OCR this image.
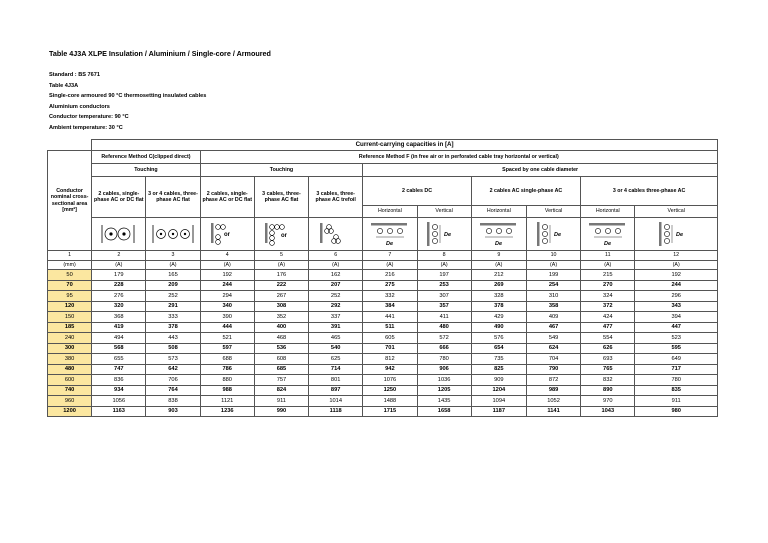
Table 4J3A XLPE Insulation / Aluminium / Single-core / Armoured
Standard : BS 7671
Table 4J3A
Single-core armoured 90 °C thermosetting insulated cables
Aluminium conductors
Conductor temperature: 90 °C
Ambient temperature: 30 °C
	Current-carrying capacities in [A]										
Conductor nominal cross-sectional area [mm²]	Reference Method C(clipped direct)		Reference Method F (in free air or in perforated cable tray horizontal or vertical)								
	Touching		Touching			Spaced by one cable diameter					
	2 cables, single-phase AC or DC flat	3 or 4 cables, three-phase AC flat	2 cables, single-phase AC or DC flat	3 cables, three-phase AC flat	3 cables, three-phase AC trefoil	2 cables DC		2 cables AC single-phase AC		3 or 4 cables three-phase AC	
						Horizontal	Vertical	Horizontal	Vertical	Horizontal	Vertical

or	or		De	De	De	De	De	De

1	2	3	4	5	6	7	8	9	10	11	12
(mm)	(A)	(A)	(A)	(A)	(A)	(A)	(A)	(A)	(A)	(A)	(A)
50	179	165	192	176	162	216	197	212	199	215	192
70	228	209	244	222	207	275	253	269	254	270	244
95	276	252	294	267	252	332	307	328	310	324	296
120	320	291	340	308	292	384	357	378	358	372	343
150	368	333	390	352	337	441	411	429	409	424	394
185	419	378	444	400	391	511	480	490	467	477	447
240	494	443	521	468	465	605	572	576	549	554	523
300	568	508	597	536	540	701	666	654	624	626	595
380	655	573	688	608	625	812	780	735	704	693	649
480	747	642	786	685	714	942	906	825	790	765	717
600	836	706	880	757	801	1076	1036	909	872	832	780
740	934	764	988	824	897	1250	1205	1204	989	890	835
960	1056	838	1121	911	1014	1488	1435	1094	1052	970	911
1200	1163	903	1236	990	1118	1715	1658	1187	1141	1043	980
